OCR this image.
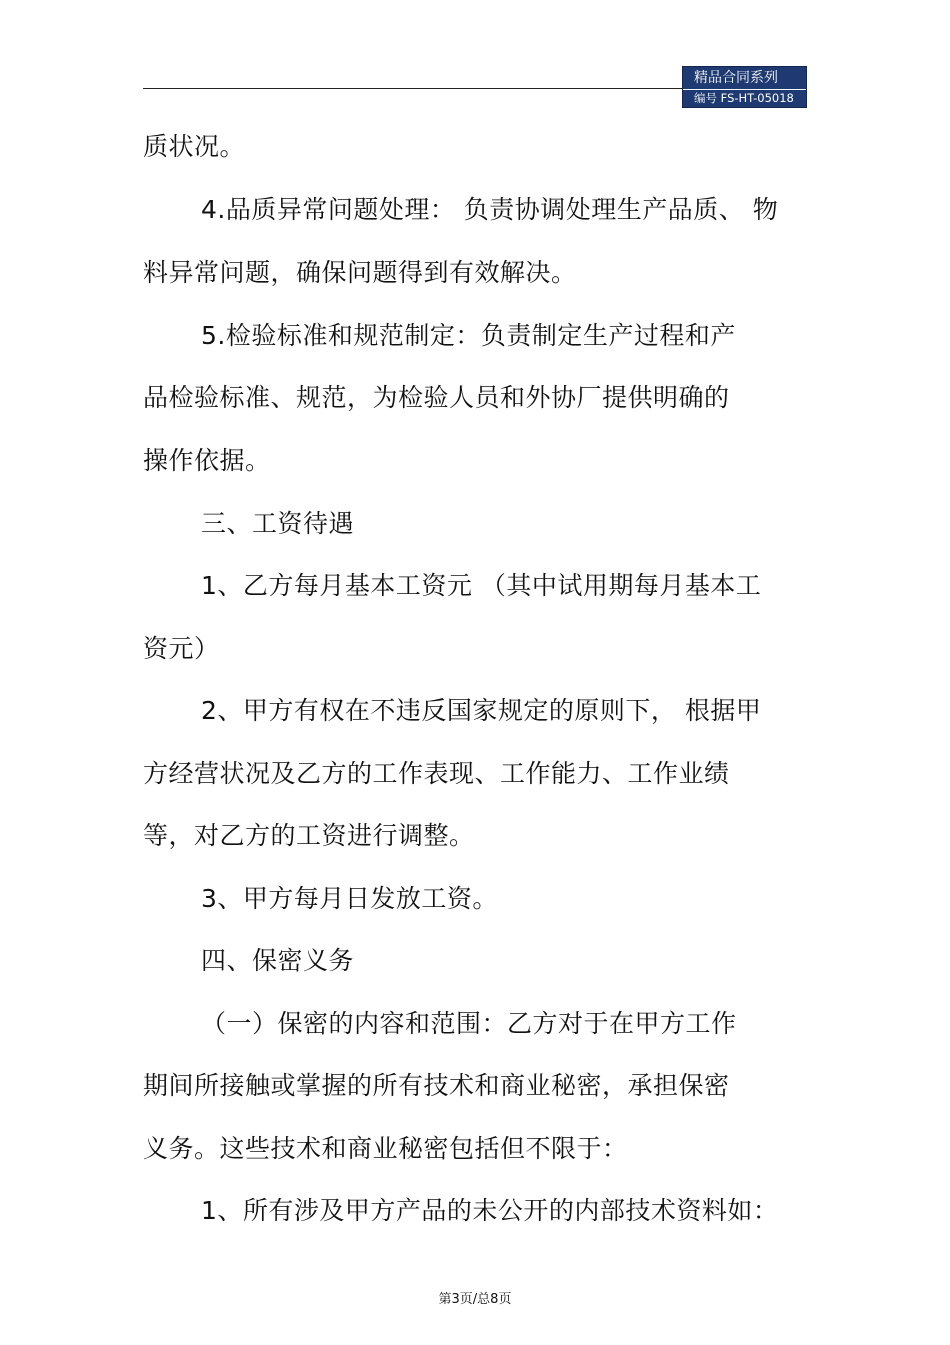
精品合同系列
编号 FS-HT-05018
质状况。
4.品质异常问题处理： 负责协调处理生产品质、 物
料异常问题，确保问题得到有效解决。
5.检验标准和规范制定：负责制定生产过程和产
品检验标准、规范，为检验人员和外协厂提供明确的
操作依据。
三、工资待遇
1、乙方每月基本工资元 （其中试用期每月基本工
资元）
2、甲方有权在不违反国家规定的原则下， 根据甲
方经营状况及乙方的工作表现、工作能力、工作业绩
等，对乙方的工资进行调整。
3、甲方每月日发放工资。
四、保密义务
（一）保密的内容和范围：乙方对于在甲方工作
期间所接触或掌握的所有技术和商业秘密，承担保密
义务。这些技术和商业秘密包括但不限于：
1、所有涉及甲方产品的未公开的内部技术资料如：
第3页/总8页
